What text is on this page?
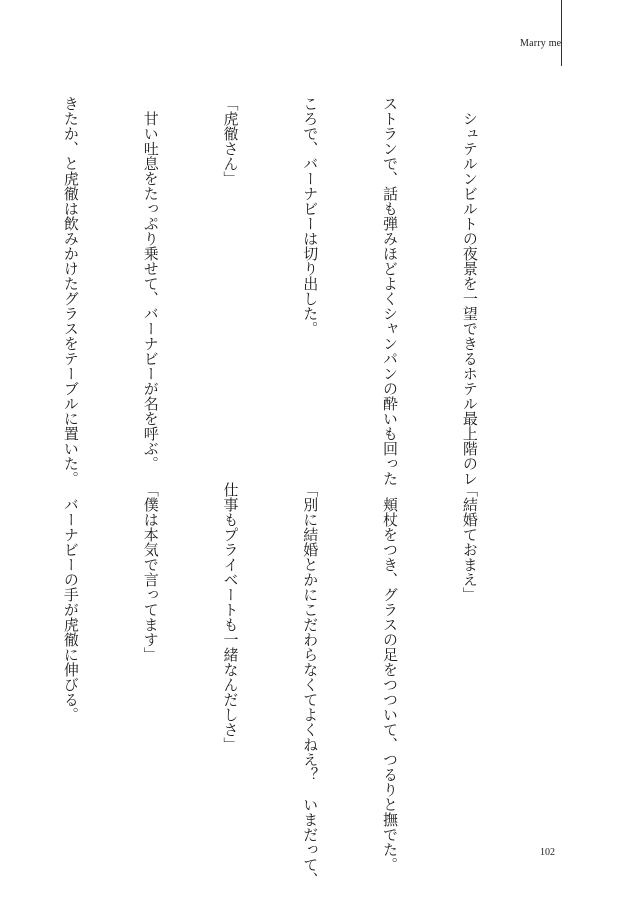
Marry me

　シュテルンビルトの夜景を一望できるホテル最上階のレ

ストランで、話も弾みほどよくシャンパンの酔いも回った

ころで、バーナビーは切り出した。

「虎徹さん」

　甘い吐息をたっぷり乗せて、バーナビーが名を呼ぶ。

きたか、と虎徹は飲みかけたグラスをテーブルに置いた。

「結婚ておまえ」

　頬杖をつき、グラスの足をつついて、つるりと撫でた。

「別に結婚とかにこだわらなくてよくねえ？　いまだって、

仕事もプライベートも一緒なんだしさ」

「僕は本気で言ってます」

　バーナビーの手が虎徹に伸びる。

102
